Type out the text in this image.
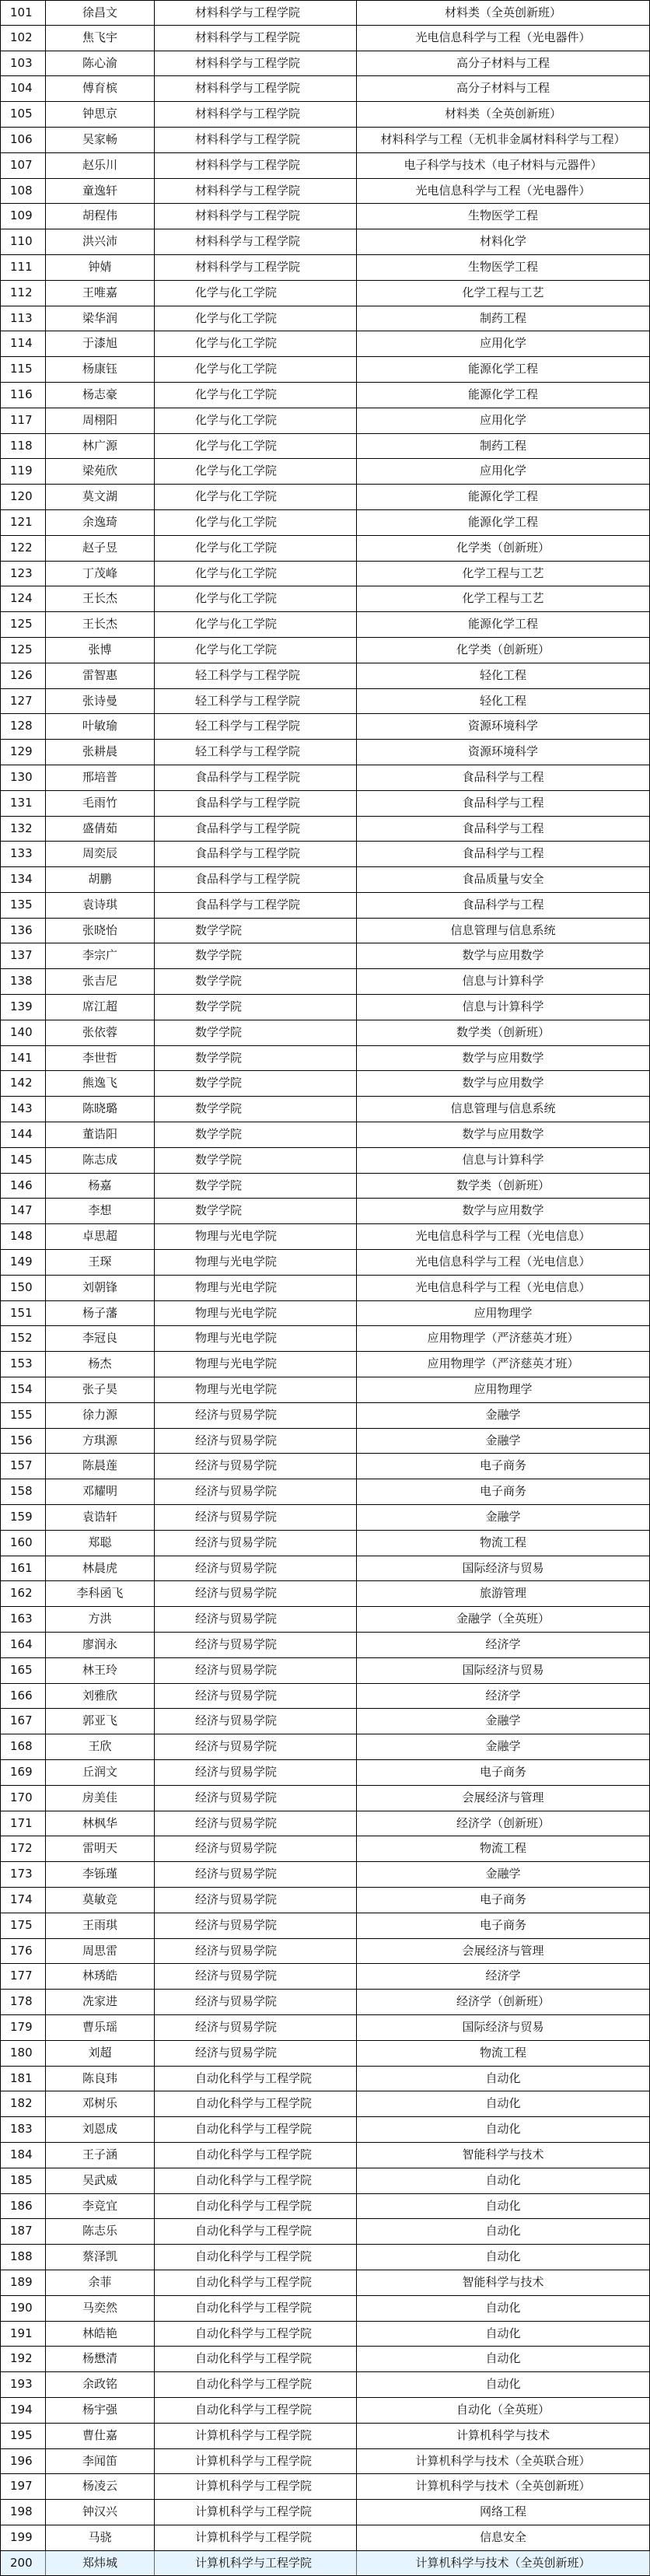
101	徐昌文	材料科学与工程学院	材料类（全英创新班）
102	焦飞宇	材料科学与工程学院	光电信息科学与工程（光电器件）
103	陈心渝	材料科学与工程学院	高分子材料与工程
104	傅育槟	材料科学与工程学院	高分子材料与工程
105	钟思京	材料科学与工程学院	材料类（全英创新班）
106	吴家畅	材料科学与工程学院	材料科学与工程（无机非金属材料科学与工程）
107	赵乐川	材料科学与工程学院	电子科学与技术（电子材料与元器件）
108	童逸轩	材料科学与工程学院	光电信息科学与工程（光电器件）
109	胡程伟	材料科学与工程学院	生物医学工程
110	洪兴沛	材料科学与工程学院	材料化学
111	钟婧	材料科学与工程学院	生物医学工程
112	王唯嘉	化学与化工学院	化学工程与工艺
113	梁华润	化学与化工学院	制药工程
114	于漆旭	化学与化工学院	应用化学
115	杨康钰	化学与化工学院	能源化学工程
116	杨志豪	化学与化工学院	能源化学工程
117	周栩阳	化学与化工学院	应用化学
118	林广源	化学与化工学院	制药工程
119	梁苑欣	化学与化工学院	应用化学
120	莫文湖	化学与化工学院	能源化学工程
121	余逸琦	化学与化工学院	能源化学工程
122	赵子昱	化学与化工学院	化学类（创新班）
123	丁茂峰	化学与化工学院	化学工程与工艺
124	王长杰	化学与化工学院	化学工程与工艺
125	王长杰	化学与化工学院	能源化学工程
125	张博	化学与化工学院	化学类（创新班）
126	雷智惠	轻工科学与工程学院	轻化工程
127	张诗曼	轻工科学与工程学院	轻化工程
128	叶敏瑜	轻工科学与工程学院	资源环境科学
129	张耕晨	轻工科学与工程学院	资源环境科学
130	邢培普	食品科学与工程学院	食品科学与工程
131	毛雨竹	食品科学与工程学院	食品科学与工程
132	盛倩茹	食品科学与工程学院	食品科学与工程
133	周奕辰	食品科学与工程学院	食品科学与工程
134	胡鹏	食品科学与工程学院	食品质量与安全
135	袁诗琪	食品科学与工程学院	食品科学与工程
136	张晓怡	数学学院	信息管理与信息系统
137	李宗广	数学学院	数学与应用数学
138	张吉尼	数学学院	信息与计算科学
139	席江超	数学学院	信息与计算科学
140	张依蓉	数学学院	数学类（创新班）
141	李世哲	数学学院	数学与应用数学
142	熊逸飞	数学学院	数学与应用数学
143	陈晓璐	数学学院	信息管理与信息系统
144	董诰阳	数学学院	数学与应用数学
145	陈志成	数学学院	信息与计算科学
146	杨嘉	数学学院	数学类（创新班）
147	李想	数学学院	数学与应用数学
148	卓思超	物理与光电学院	光电信息科学与工程（光电信息）
149	王琛	物理与光电学院	光电信息科学与工程（光电信息）
150	刘朝锋	物理与光电学院	光电信息科学与工程（光电信息）
151	杨子藩	物理与光电学院	应用物理学
152	李冠良	物理与光电学院	应用物理学（严济慈英才班）
153	杨杰	物理与光电学院	应用物理学（严济慈英才班）
154	张子昊	物理与光电学院	应用物理学
155	徐力源	经济与贸易学院	金融学
156	方琪源	经济与贸易学院	金融学
157	陈晨莲	经济与贸易学院	电子商务
158	邓耀明	经济与贸易学院	电子商务
159	袁诰轩	经济与贸易学院	金融学
160	郑聪	经济与贸易学院	物流工程
161	林晨虎	经济与贸易学院	国际经济与贸易
162	李科函飞	经济与贸易学院	旅游管理
163	方洪	经济与贸易学院	金融学（全英班）
164	廖润永	经济与贸易学院	经济学
165	林王玲	经济与贸易学院	国际经济与贸易
166	刘雅欣	经济与贸易学院	经济学
167	郭亚飞	经济与贸易学院	金融学
168	王欣	经济与贸易学院	金融学
169	丘润文	经济与贸易学院	电子商务
170	房美佳	经济与贸易学院	会展经济与管理
171	林枫华	经济与贸易学院	经济学（创新班）
172	雷明天	经济与贸易学院	物流工程
173	李铄瑾	经济与贸易学院	金融学
174	莫敏竞	经济与贸易学院	电子商务
175	王雨琪	经济与贸易学院	电子商务
176	周思雷	经济与贸易学院	会展经济与管理
177	林琇皓	经济与贸易学院	经济学
178	冼家进	经济与贸易学院	经济学（创新班）
179	曹乐瑶	经济与贸易学院	国际经济与贸易
180	刘超	经济与贸易学院	物流工程
181	陈良玮	自动化科学与工程学院	自动化
182	邓树乐	自动化科学与工程学院	自动化
183	刘恩成	自动化科学与工程学院	自动化
184	王子涵	自动化科学与工程学院	智能科学与技术
185	吴武威	自动化科学与工程学院	自动化
186	李竞宜	自动化科学与工程学院	自动化
187	陈志乐	自动化科学与工程学院	自动化
188	蔡泽凯	自动化科学与工程学院	自动化
189	余菲	自动化科学与工程学院	智能科学与技术
190	马奕然	自动化科学与工程学院	自动化
191	林皓艳	自动化科学与工程学院	自动化
192	杨懋清	自动化科学与工程学院	自动化
193	余政铭	自动化科学与工程学院	自动化
194	杨宇强	自动化科学与工程学院	自动化（全英班）
195	曹仕嘉	计算机科学与工程学院	计算机科学与技术
196	李闻笛	计算机科学与工程学院	计算机科学与技术（全英联合班）
197	杨凌云	计算机科学与工程学院	计算机科学与技术（全英创新班）
198	钟汉兴	计算机科学与工程学院	网络工程
199	马骁	计算机科学与工程学院	信息安全
200	郑炜城	计算机科学与工程学院	计算机科学与技术（全英创新班）
